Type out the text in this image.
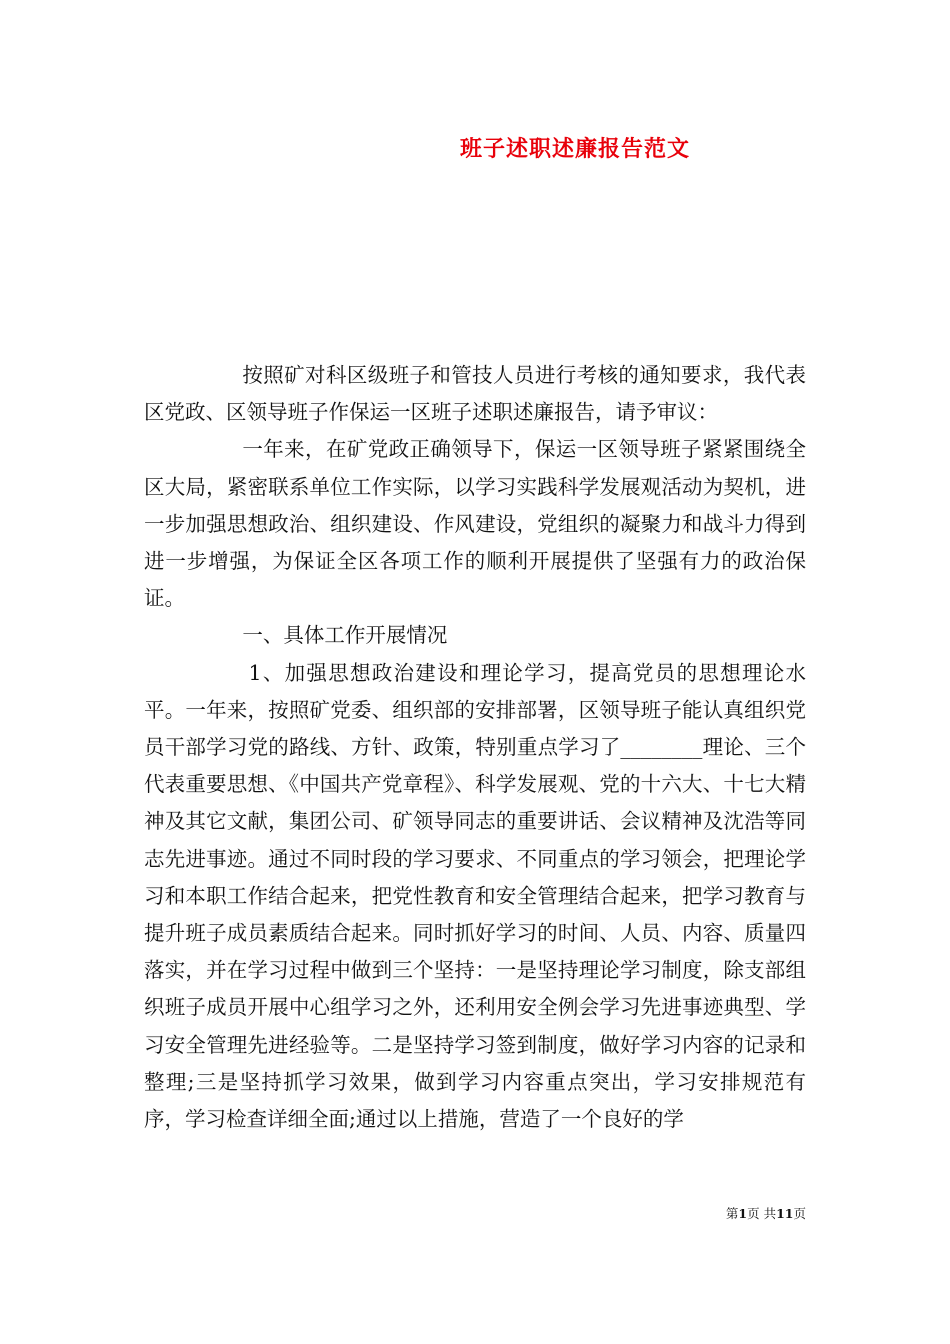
班子述职述廉报告范文

按照矿对科区级班子和管技人员进行考核的通知要求，我代表区党政、区领导班子作保运一区班子述职述廉报告，请予审议：

一年来，在矿党政正确领导下，保运一区领导班子紧紧围绕全区大局，紧密联系单位工作实际，以学习实践科学发展观活动为契机，进一步加强思想政治、组织建设、作风建设，党组织的凝聚力和战斗力得到进一步增强，为保证全区各项工作的顺利开展提供了坚强有力的政治保证。

一、具体工作开展情况

1、加强思想政治建设和理论学习，提高党员的思想理论水平。一年来，按照矿党委、组织部的安排部署，区领导班子能认真组织党员干部学习党的路线、方针、政策，特别重点学习了________理论、三个代表重要思想、《中国共产党章程》、科学发展观、党的十六大、十七大精神及其它文献，集团公司、矿领导同志的重要讲话、会议精神及沈浩等同志先进事迹。通过不同时段的学习要求、不同重点的学习领会，把理论学习和本职工作结合起来，把党性教育和安全管理结合起来，把学习教育与提升班子成员素质结合起来。同时抓好学习的时间、人员、内容、质量四落实，并在学习过程中做到三个坚持：一是坚持理论学习制度，除支部组织班子成员开展中心组学习之外，还利用安全例会学习先进事迹典型、学习安全管理先进经验等。二是坚持学习签到制度，做好学习内容的记录和整理;三是坚持抓学习效果，做到学习内容重点突出，学习安排规范有序，学习检查详细全面;通过以上措施，营造了一个良好的学

第1页 共11页
